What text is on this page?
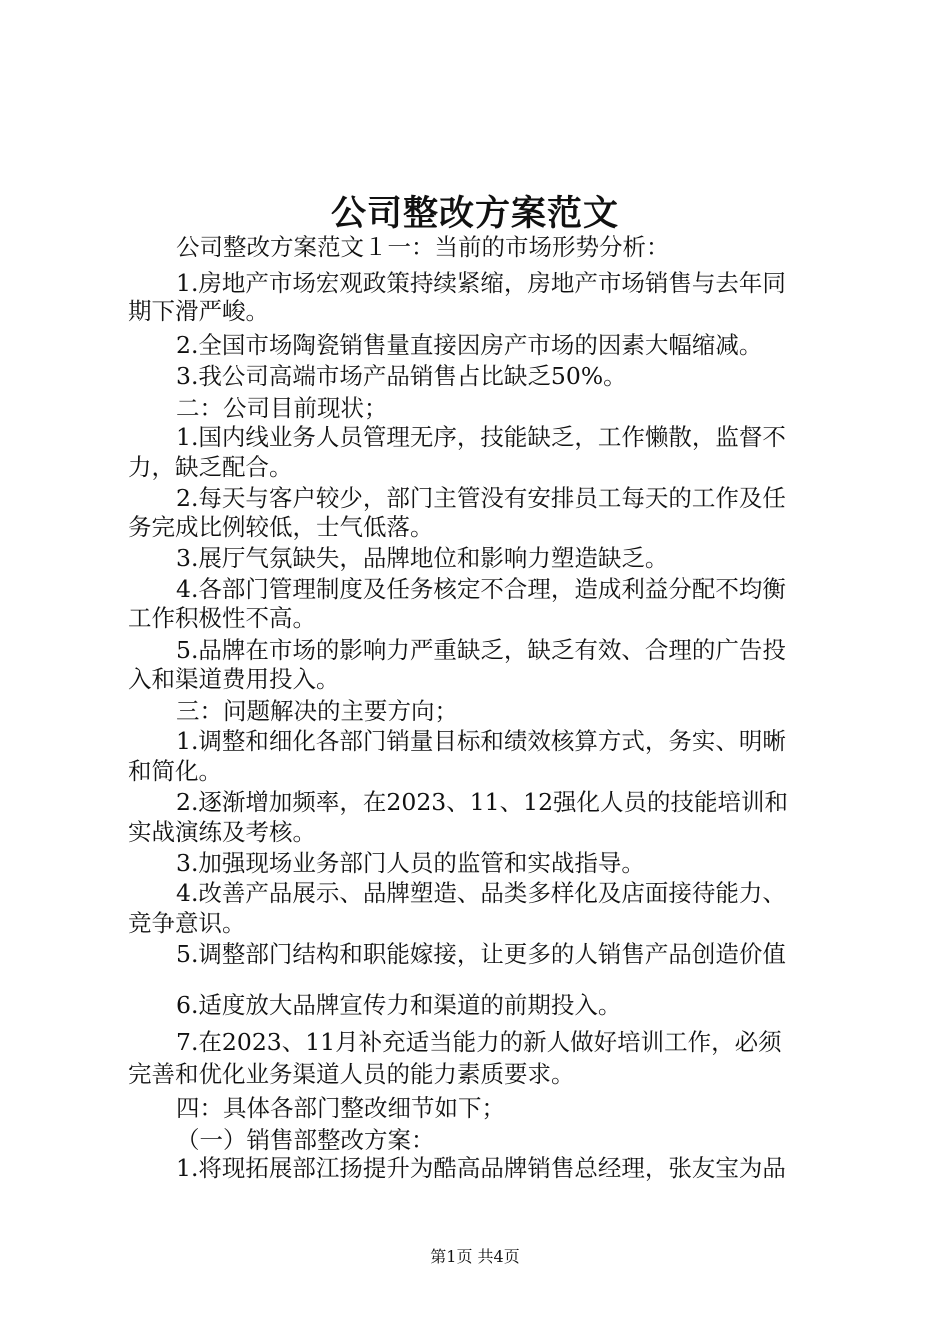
公司整改方案范文

公司整改方案范文１一：当前的市场形势分析：

1.房地产市场宏观政策持续紧缩，房地产市场销售与去年同

期下滑严峻。

2.全国市场陶瓷销售量直接因房产市场的因素大幅缩减。

3.我公司高端市场产品销售占比缺乏50%。

二：公司目前现状；

1.国内线业务人员管理无序，技能缺乏，工作懒散，监督不

力，缺乏配合。

2.每天与客户较少，部门主管没有安排员工每天的工作及任

务完成比例较低，士气低落。

3.展厅气氛缺失，品牌地位和影响力塑造缺乏。

4.各部门管理制度及任务核定不合理，造成利益分配不均衡

工作积极性不高。

5.品牌在市场的影响力严重缺乏，缺乏有效、合理的广告投

入和渠道费用投入。

三：问题解决的主要方向；

1.调整和细化各部门销量目标和绩效核算方式，务实、明晰

和简化。

2.逐渐增加频率，在2023、11、12强化人员的技能培训和

实战演练及考核。

3.加强现场业务部门人员的监管和实战指导。

4.改善产品展示、品牌塑造、品类多样化及店面接待能力、

竞争意识。

5.调整部门结构和职能嫁接，让更多的人销售产品创造价值

6.适度放大品牌宣传力和渠道的前期投入。

7.在2023、11月补充适当能力的新人做好培训工作，必须

完善和优化业务渠道人员的能力素质要求。

四：具体各部门整改细节如下；

（一）销售部整改方案：

1.将现拓展部江扬提升为酷高品牌销售总经理，张友宝为品

第1页 共4页
